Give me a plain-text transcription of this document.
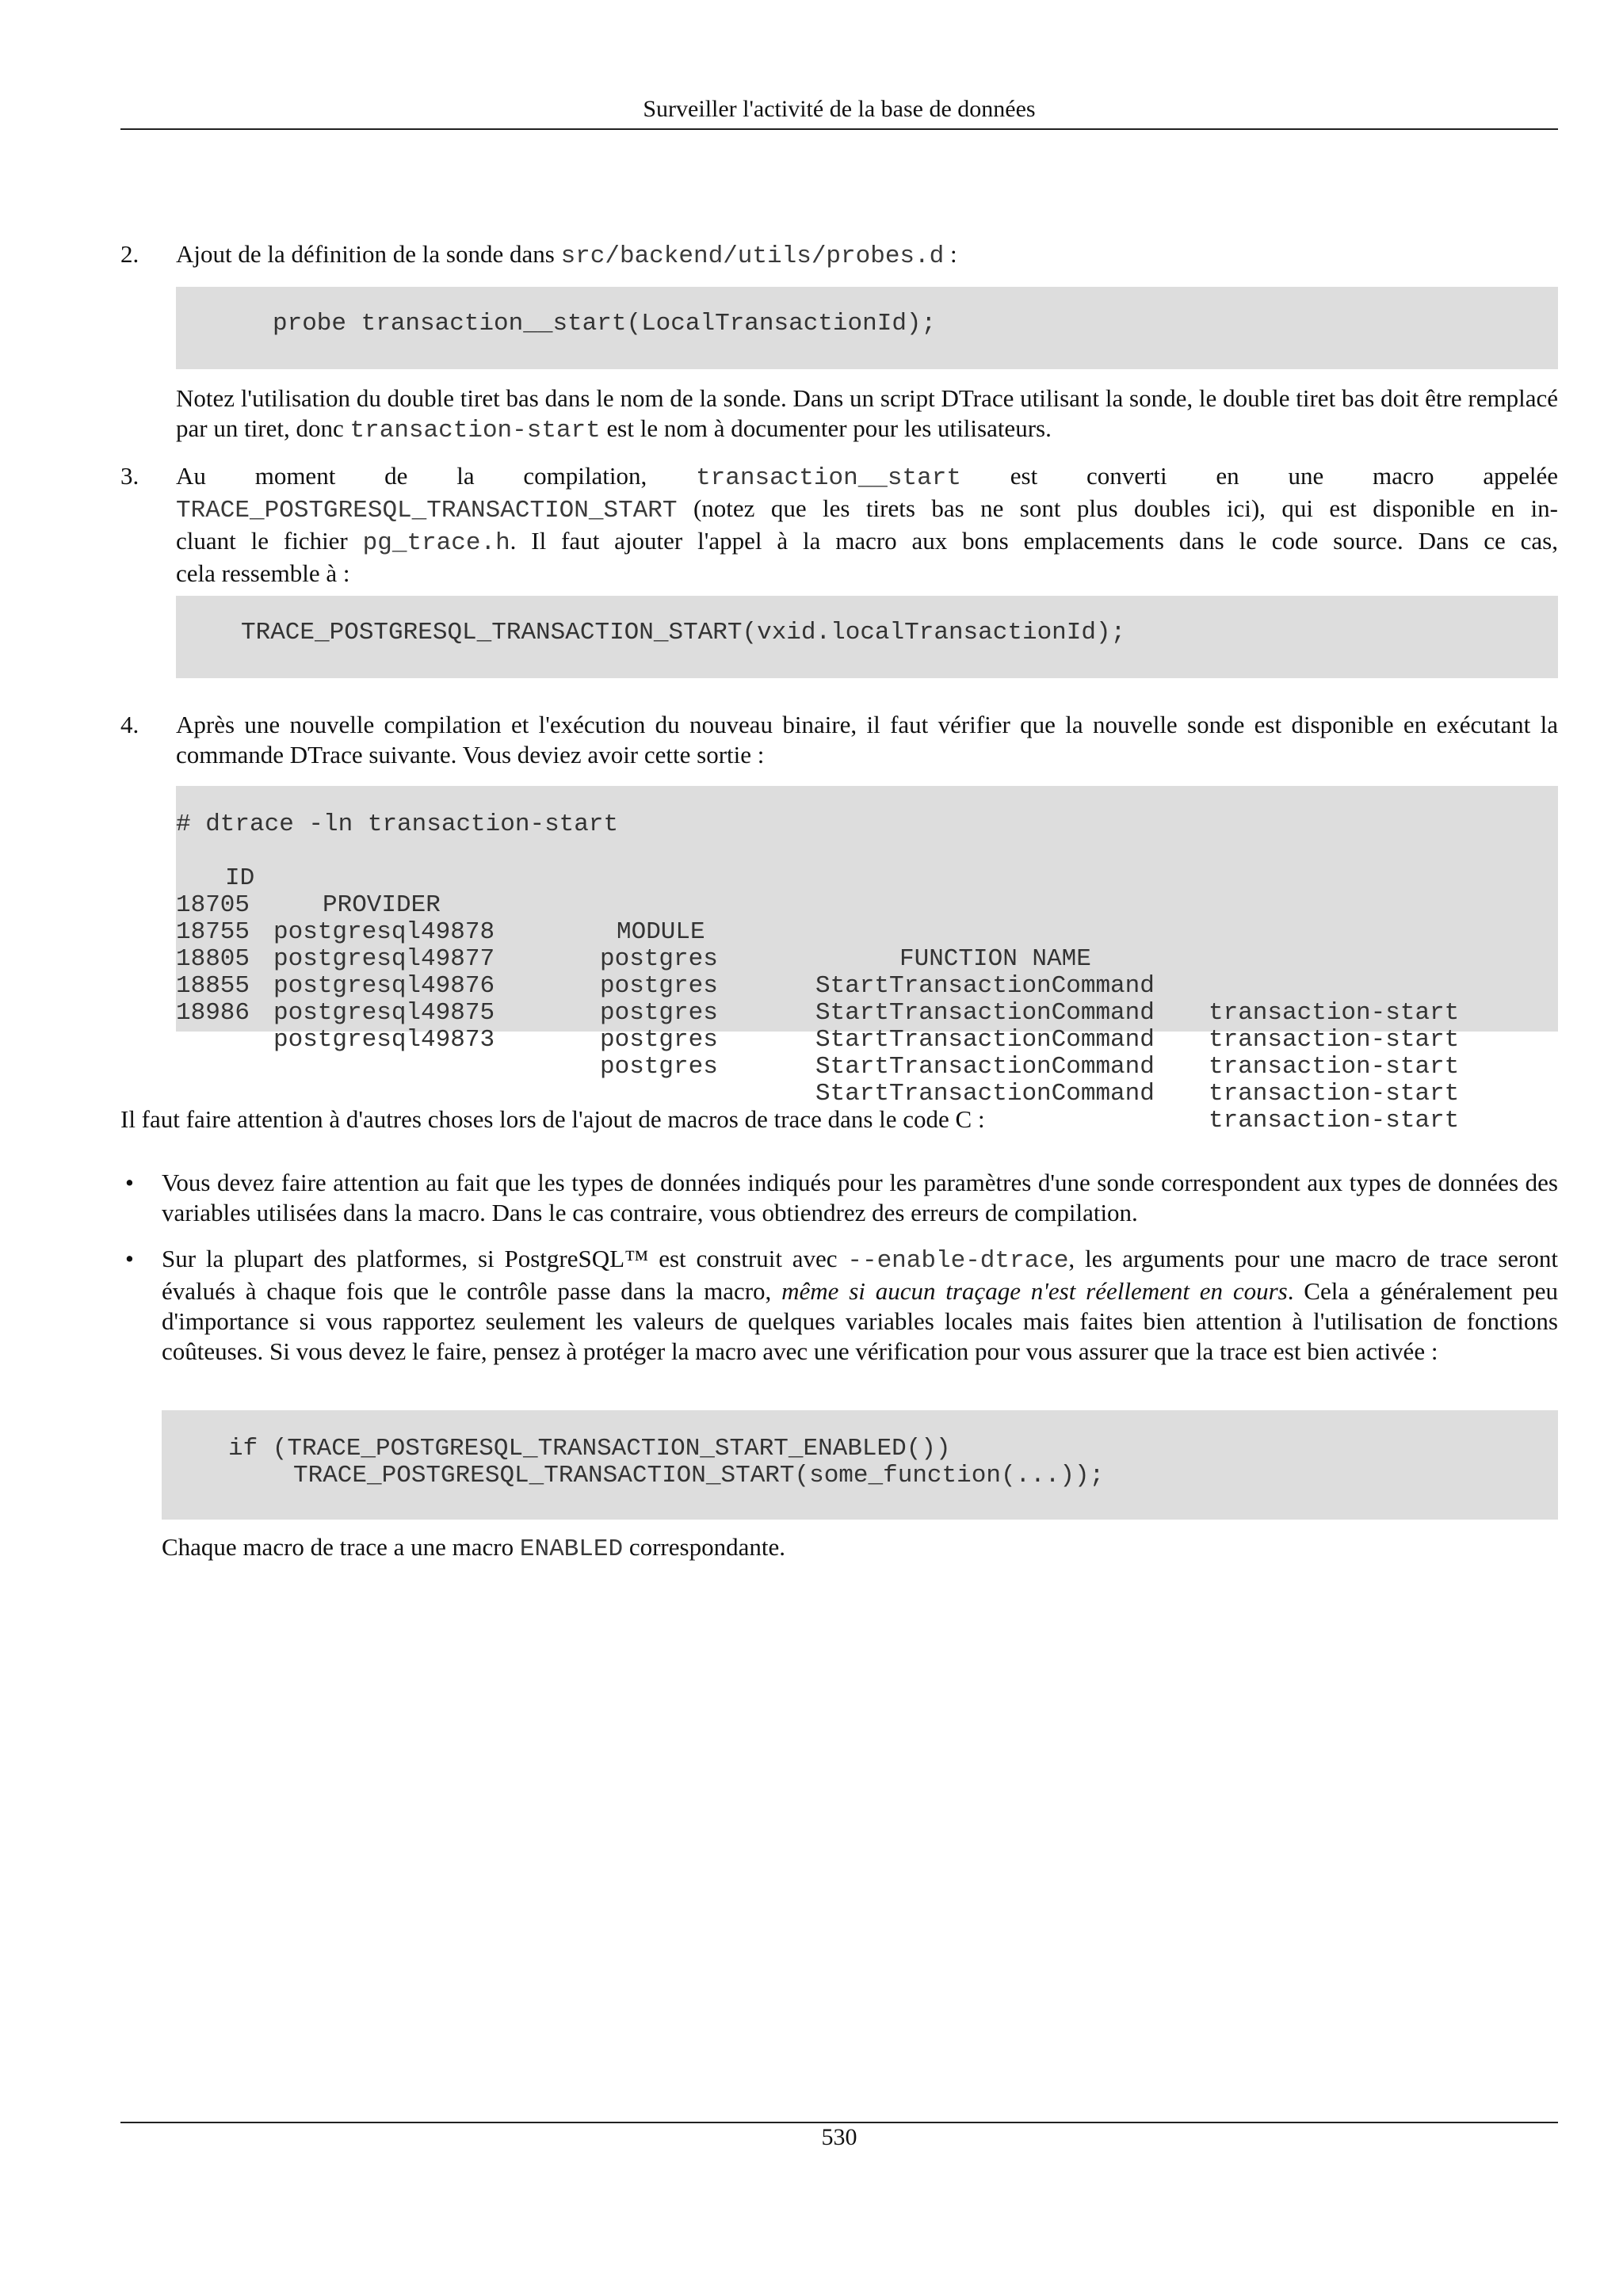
Surveiller l'activité de la base de données
2. Ajout de la définition de la sonde dans src/backend/utils/probes.d :

probe transaction__start(LocalTransactionId);

Notez l'utilisation du double tiret bas dans le nom de la sonde. Dans un script DTrace utilisant la sonde, le double tiret bas doit être remplacé par un tiret, donc transaction-start est le nom à documenter pour les utilisateurs.

3. Au moment de la compilation, transaction__start est converti en une macro appelée
TRACE_POSTGRESQL_TRANSACTION_START (notez que les tirets bas ne sont plus doubles ici), qui est disponible en in-
cluant le fichier pg_trace.h. Il faut ajouter l'appel à la macro aux bons emplacements dans le code source. Dans ce cas,
cela ressemble à :
TRACE_POSTGRESQL_TRANSACTION_START(vxid.localTransactionId);
4. Après une nouvelle compilation et l'exécution du nouveau binaire, il faut vérifier que la nouvelle sonde est disponible en exécutant la commande DTrace suivante. Vous deviez avoir cette sortie :

# dtrace -ln transaction-start

ID

PROVIDER

MODULE

FUNCTION NAME

18705

postgresql49878

postgres

StartTransactionCommand

transaction-start

18755

postgresql49877

postgres

StartTransactionCommand

transaction-start

18805

postgresql49876

postgres

StartTransactionCommand

transaction-start

18855

postgresql49875

postgres

StartTransactionCommand

transaction-start

18986

postgresql49873

postgres

StartTransactionCommand

transaction-start

Il faut faire attention à d'autres choses lors de l'ajout de macros de trace dans le code C :

• Vous devez faire attention au fait que les types de données indiqués pour les paramètres d'une sonde correspondent aux types de données des variables utilisées dans la macro. Dans le cas contraire, vous obtiendrez des erreurs de compilation.

• Sur la plupart des platformes, si PostgreSQL™ est construit avec --enable-dtrace, les arguments pour une macro de trace seront évalués à chaque fois que le contrôle passe dans la macro, même si aucun traçage n'est réellement en cours. Cela a généralement peu d'importance si vous rapportez seulement les valeurs de quelques variables locales mais faites bien attention à l'utilisation de fonctions coûteuses. Si vous devez le faire, pensez à protéger la macro avec une vérification pour vous assurer que la trace est bien activée :

if (TRACE_POSTGRESQL_TRANSACTION_START_ENABLED())
TRACE_POSTGRESQL_TRANSACTION_START(some_function(...));

Chaque macro de trace a une macro ENABLED correspondante.

530
